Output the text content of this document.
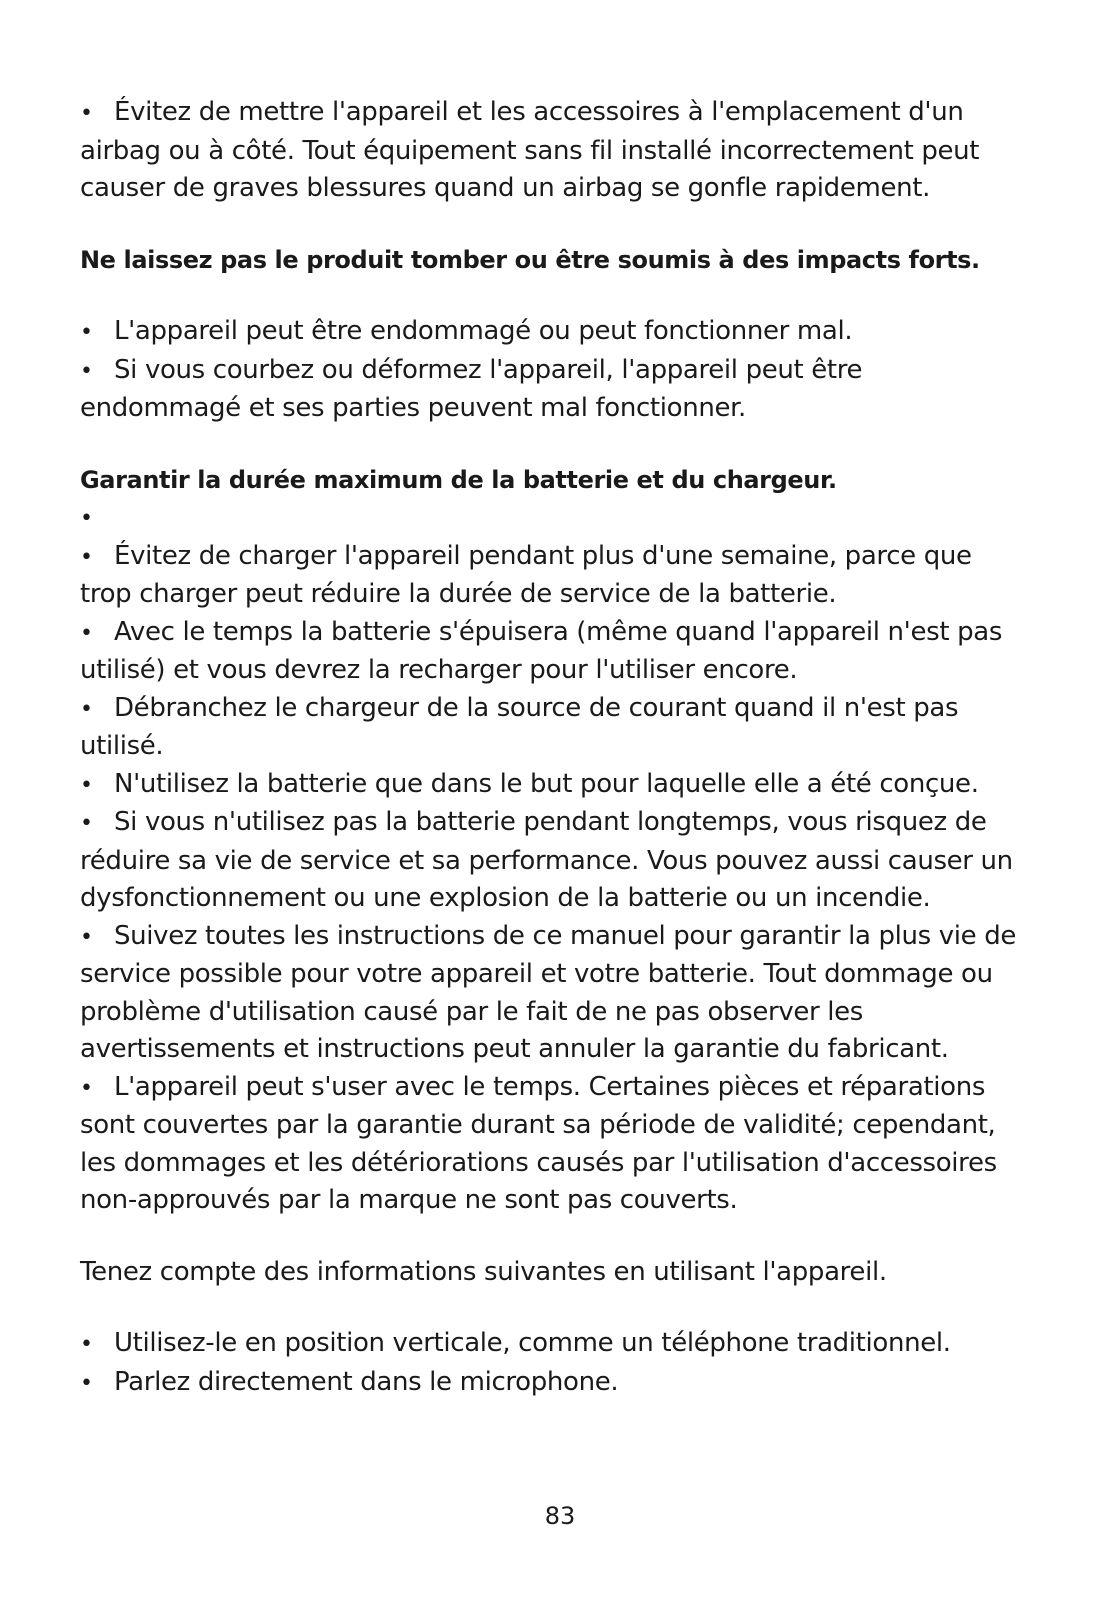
• Évitez de mettre l'appareil et les accessoires à l'emplacement d'un airbag ou à côté. Tout équipement sans fil installé incorrectement peut causer de graves blessures quand un airbag se gonfle rapidement.

Ne laissez pas le produit tomber ou être soumis à des impacts forts.

• L'appareil peut être endommagé ou peut fonctionner mal.

• Si vous courbez ou déformez l'appareil, l'appareil peut être endommagé et ses parties peuvent mal fonctionner.

Garantir la durée maximum de la batterie et du chargeur.

•

• Évitez de charger l'appareil pendant plus d'une semaine, parce que trop charger peut réduire la durée de service de la batterie.

• Avec le temps la batterie s'épuisera (même quand l'appareil n'est pas utilisé) et vous devrez la recharger pour l'utiliser encore.

• Débranchez le chargeur de la source de courant quand il n'est pas utilisé.

• N'utilisez la batterie que dans le but pour laquelle elle a été conçue.

• Si vous n'utilisez pas la batterie pendant longtemps, vous risquez de réduire sa vie de service et sa performance. Vous pouvez aussi causer un dysfonctionnement ou une explosion de la batterie ou un incendie.

• Suivez toutes les instructions de ce manuel pour garantir la plus vie de service possible pour votre appareil et votre batterie. Tout dommage ou problème d'utilisation causé par le fait de ne pas observer les avertissements et instructions peut annuler la garantie du fabricant.

• L'appareil peut s'user avec le temps. Certaines pièces et réparations sont couvertes par la garantie durant sa période de validité; cependant, les dommages et les détériorations causés par l'utilisation d'accessoires non-approuvés par la marque ne sont pas couverts.

Tenez compte des informations suivantes en utilisant l'appareil.

• Utilisez-le en position verticale, comme un téléphone traditionnel.

• Parlez directement dans le microphone.

83
